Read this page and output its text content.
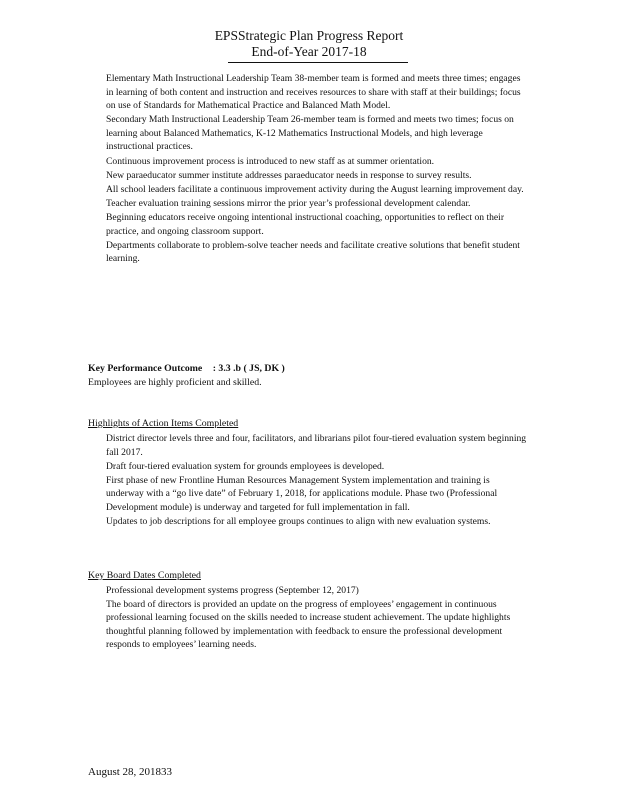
EPSStrategic Plan Progress Report
End-of-Year 2017-18
Elementary Math Instructional Leadership Team 38-member team is formed and meets three times; engages in learning of both content and instruction and receives resources to share with staff at their buildings; focus on use of Standards for Mathematical Practice and Balanced Math Model.
Secondary Math Instructional Leadership Team 26-member team is formed and meets two times; focus on learning about Balanced Mathematics, K-12 Mathematics Instructional Models, and high leverage instructional practices.
Continuous improvement process is introduced to new staff as at summer orientation.
New paraeducator summer institute addresses paraeducator needs in response to survey results.
All school leaders facilitate a continuous improvement activity during the August learning improvement day.
Teacher evaluation training sessions mirror the prior year’s professional development calendar.
Beginning educators receive ongoing intentional instructional coaching, opportunities to reflect on their practice, and ongoing classroom support.
Departments collaborate to problem-solve teacher needs and facilitate creative solutions that benefit student learning.
Key Performance Outcome : 3.3 .b ( JS, DK )
Employees are highly proficient and skilled.
Highlights of Action Items Completed
District director levels three and four, facilitators, and librarians pilot four-tiered evaluation system beginning fall 2017.
Draft four-tiered evaluation system for grounds employees is developed.
First phase of new Frontline Human Resources Management System implementation and training is underway with a “go live date” of February 1, 2018, for applications module. Phase two (Professional Development module) is underway and targeted for full implementation in fall.
Updates to job descriptions for all employee groups continues to align with new evaluation systems.
Key Board Dates Completed
Professional development systems progress (September 12, 2017)
The board of directors is provided an update on the progress of employees’ engagement in continuous professional learning focused on the skills needed to increase student achievement. The update highlights thoughtful planning followed by implementation with feedback to ensure the professional development responds to employees’ learning needs.
August 28, 201833
